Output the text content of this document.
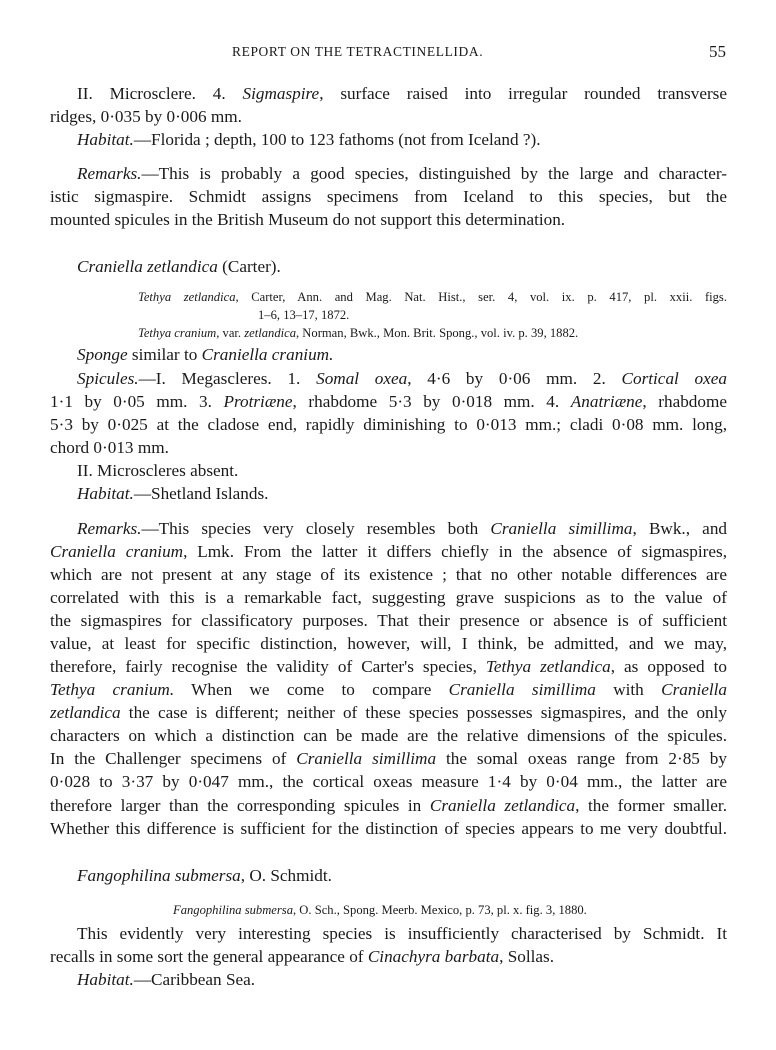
REPORT ON THE TETRACTINELLIDA.	55
II. Microsclere. 4. Sigmaspire, surface raised into irregular rounded transverse
ridges, 0·035 by 0·006 mm.
Habitat.—Florida ; depth, 100 to 123 fathoms (not from Iceland ?).
Remarks.—This is probably a good species, distinguished by the large and character-
istic sigmaspire. Schmidt assigns specimens from Iceland to this species, but the
mounted spicules in the British Museum do not support this determination.
Craniella zetlandica (Carter).
Tethya zetlandica, Carter, Ann. and Mag. Nat. Hist., ser. 4, vol. ix. p. 417, pl. xxii. figs.
1–6, 13–17, 1872.
Tethya cranium, var. zetlandica, Norman, Bwk., Mon. Brit. Spong., vol. iv. p. 39, 1882.
Sponge similar to Craniella cranium.
Spicules.—I. Megascleres. 1. Somal oxea, 4·6 by 0·06 mm. 2. Cortical oxea
1·1 by 0·05 mm. 3. Protriæne, rhabdome 5·3 by 0·018 mm. 4. Anatriæne, rhabdome
5·3 by 0·025 at the cladose end, rapidly diminishing to 0·013 mm.; cladi 0·08 mm. long,
chord 0·013 mm.
II. Microscleres absent.
Habitat.—Shetland Islands.
Remarks.—This species very closely resembles both Craniella simillima, Bwk., and
Craniella cranium, Lmk. From the latter it differs chiefly in the absence of sigmaspires,
which are not present at any stage of its existence ; that no other notable differences are
correlated with this is a remarkable fact, suggesting grave suspicions as to the value of
the sigmaspires for classificatory purposes. That their presence or absence is of sufficient
value, at least for specific distinction, however, will, I think, be admitted, and we may,
therefore, fairly recognise the validity of Carter's species, Tethya zetlandica, as opposed to
Tethya cranium. When we come to compare Craniella simillima with Craniella
zetlandica the case is different; neither of these species possesses sigmaspires, and the only
characters on which a distinction can be made are the relative dimensions of the spicules.
In the Challenger specimens of Craniella simillima the somal oxeas range from 2·85 by
0·028 to 3·37 by 0·047 mm., the cortical oxeas measure 1·4 by 0·04 mm., the latter are
therefore larger than the corresponding spicules in Craniella zetlandica, the former smaller.
Whether this difference is sufficient for the distinction of species appears to me very doubtful.
Fangophilina submersa, O. Schmidt.
Fangophilina submersa, O. Sch., Spong. Meerb. Mexico, p. 73, pl. x. fig. 3, 1880.
This evidently very interesting species is insufficiently characterised by Schmidt. It
recalls in some sort the general appearance of Cinachyra barbata, Sollas.
Habitat.—Caribbean Sea.
